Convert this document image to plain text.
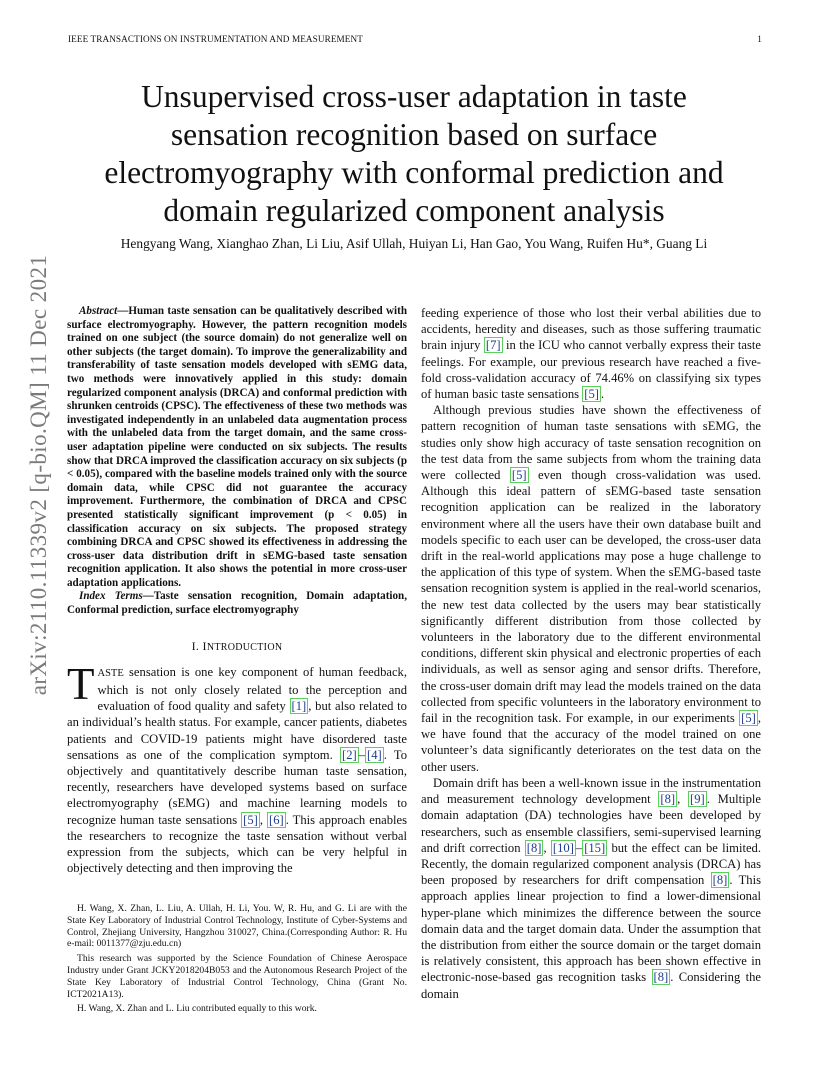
IEEE TRANSACTIONS ON INSTRUMENTATION AND MEASUREMENT	1
arXiv:2110.11339v2 [q-bio.QM] 11 Dec 2021
Unsupervised cross-user adaptation in taste
sensation recognition based on surface
electromyography with conformal prediction and
domain regularized component analysis
Hengyang Wang, Xianghao Zhan, Li Liu, Asif Ullah, Huiyan Li, Han Gao, You Wang, Ruifen Hu*, Guang Li

Abstract—Human taste sensation can be qualitatively described with surface electromyography. However, the pattern recognition models trained on one subject (the source domain) do not generalize well on other subjects (the target domain). To improve the generalizability and transferability of taste sensation models developed with sEMG data, two methods were innovatively applied in this study: domain regularized component analysis (DRCA) and conformal prediction with shrunken centroids (CPSC). The effectiveness of these two methods was investigated independently in an unlabeled data augmentation process with the unlabeled data from the target domain, and the same cross-user adaptation pipeline were conducted on six subjects. The results show that DRCA improved the classification accuracy on six subjects (p < 0.05), compared with the baseline models trained only with the source domain data, while CPSC did not guarantee the accuracy improvement. Furthermore, the combination of DRCA and CPSC presented statistically significant improvement (p < 0.05) in classification accuracy on six subjects. The proposed strategy combining DRCA and CPSC showed its effectiveness in addressing the cross-user data distribution drift in sEMG-based taste sensation recognition application. It also shows the potential in more cross-user adaptation applications.

Index Terms—Taste sensation recognition, Domain adaptation, Conformal prediction, surface electromyography

I. INTRODUCTION

TASTE sensation is one key component of human feedback, which is not only closely related to the perception and evaluation of food quality and safety [1] , but also related to an individual’s health status. For example, cancer patients, diabetes patients and COVID-19 patients might have disordered taste sensations as one of the complication symptom. [2] – [4] . To objectively and quantitatively describe human taste sensation, recently, researchers have developed systems based on surface electromyography (sEMG) and machine learning models to recognize human taste sensations [5] , [6] . This approach enables the researchers to recognize the taste sensation without verbal expression from the subjects, which can be very helpful in objectively detecting and then improving the

H. Wang, X. Zhan, L. Liu, A. Ullah, H. Li, You. W, R. Hu, and G. Li are with the State Key Laboratory of Industrial Control Technology, Institute of Cyber-Systems and Control, Zhejiang University, Hangzhou 310027, China.(Corresponding Author: R. Hu e-mail: 0011377@zju.edu.cn)

This research was supported by the Science Foundation of Chinese Aerospace Industry under Grant JCKY2018204B053 and the Autonomous Research Project of the State Key Laboratory of Industrial Control Technology, China (Grant No. ICT2021A13).

H. Wang, X. Zhan and L. Liu contributed equally to this work.

feeding experience of those who lost their verbal abilities due to accidents, heredity and diseases, such as those suffering traumatic brain injury [7] in the ICU who cannot verbally express their taste feelings. For example, our previous research have reached a five-fold cross-validation accuracy of 74.46% on classifying six types of human basic taste sensations [5] .

Although previous studies have shown the effectiveness of pattern recognition of human taste sensations with sEMG, the studies only show high accuracy of taste sensation recognition on the test data from the same subjects from whom the training data were collected [5] even though cross-validation was used. Although this ideal pattern of sEMG-based taste sensation recognition application can be realized in the laboratory environment where all the users have their own database built and models specific to each user can be developed, the cross-user data drift in the real-world applications may pose a huge challenge to the application of this type of system. When the sEMG-based taste sensation recognition system is applied in the real-world scenarios, the new test data collected by the users may bear statistically significantly different distribution from those collected by volunteers in the laboratory due to the different environmental conditions, different skin physical and electronic properties of each individuals, as well as sensor aging and sensor drifts. Therefore, the cross-user domain drift may lead the models trained on the data collected from specific volunteers in the laboratory environment to fail in the recognition task. For example, in our experiments [5] , we have found that the accuracy of the model trained on one volunteer’s data significantly deteriorates on the test data on the other users.

Domain drift has been a well-known issue in the instrumentation and measurement technology development [8] , [9] . Multiple domain adaptation (DA) technologies have been developed by researchers, such as ensemble classifiers, semi-supervised learning and drift correction [8] , [10] – [15] but the effect can be limited. Recently, the domain regularized component analysis (DRCA) has been proposed by researchers for drift compensation [8] . This approach applies linear projection to find a lower-dimensional hyper-plane which minimizes the difference between the source domain data and the target domain data. Under the assumption that the distribution from either the source domain or the target domain is relatively consistent, this approach has been shown effective in electronic-nose-based gas recognition tasks [8] . Considering the domain
